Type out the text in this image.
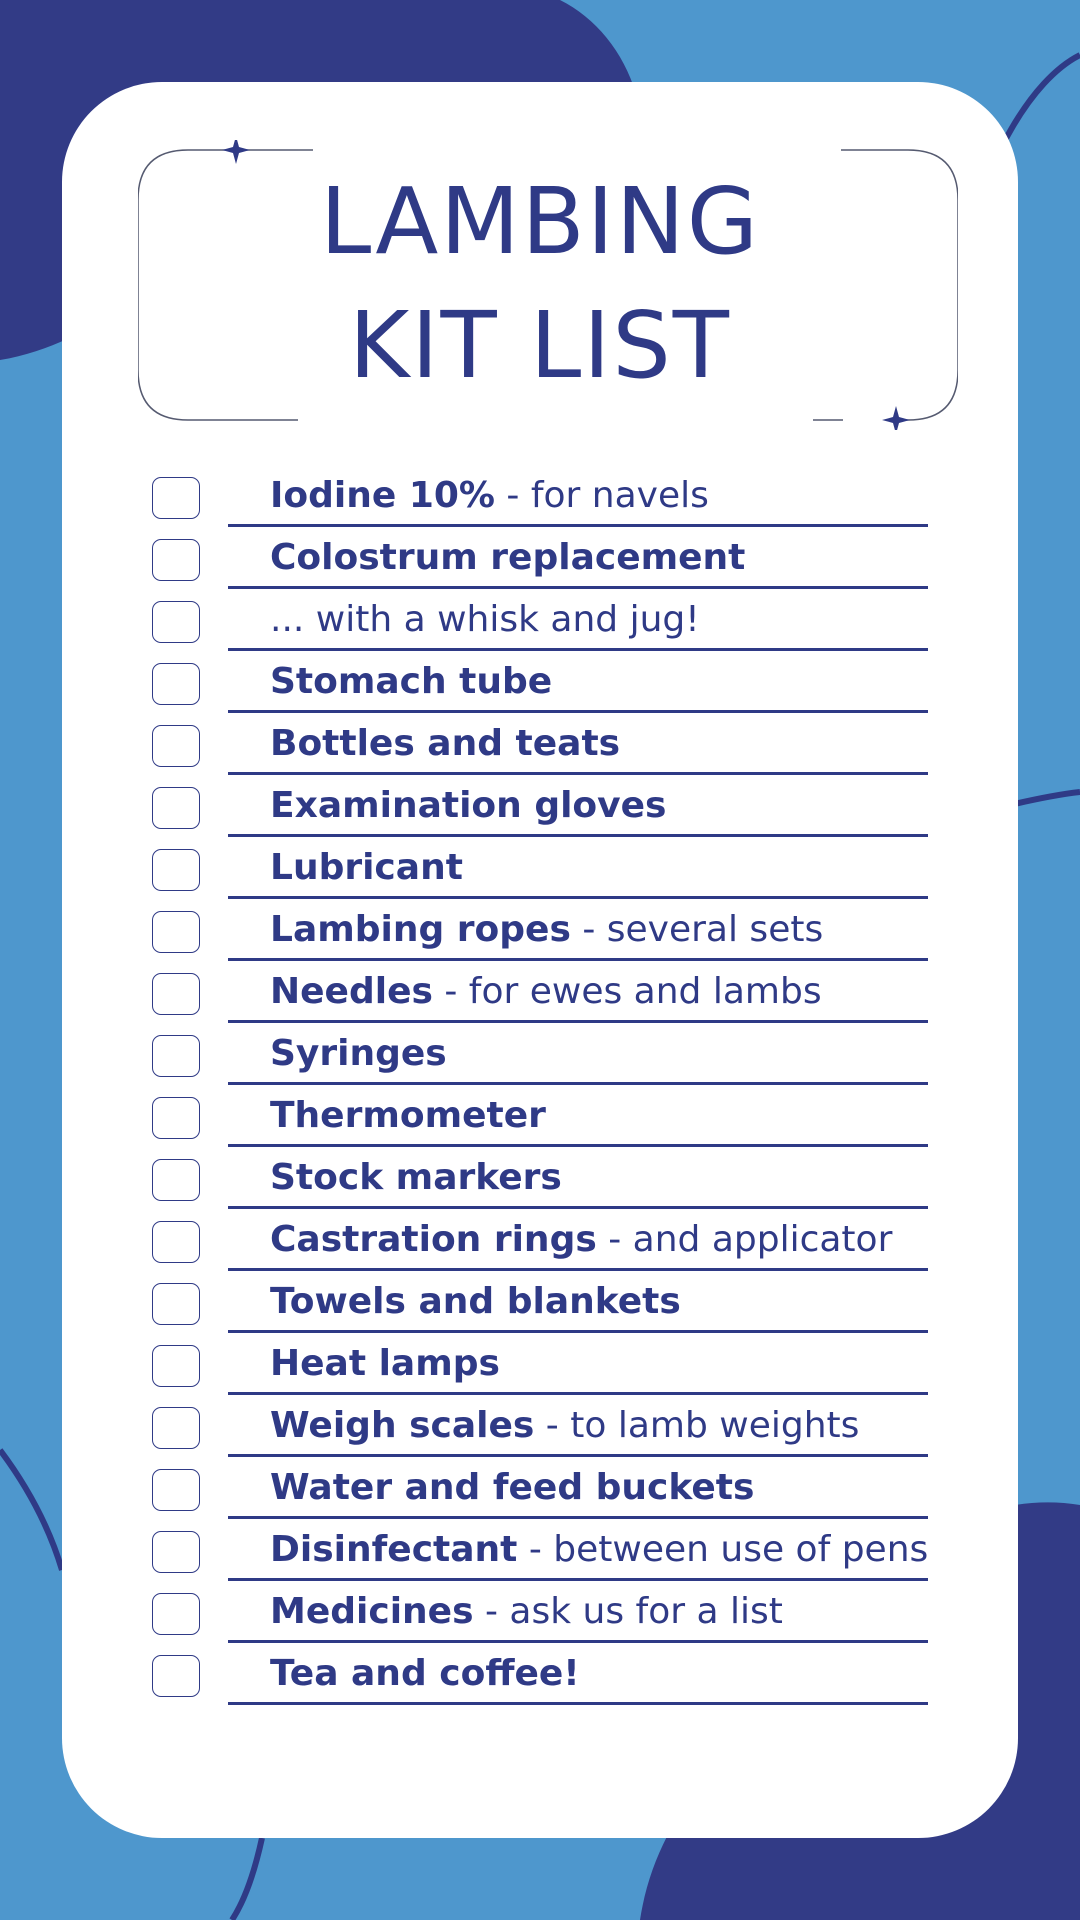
LAMBING
KIT LIST
Iodine 10% - for navels
Colostrum replacement
... with a whisk and jug!
Stomach tube
Bottles and teats
Examination gloves
Lubricant
Lambing ropes - several sets
Needles - for ewes and lambs
Syringes
Thermometer
Stock markers
Castration rings - and applicator
Towels and blankets
Heat lamps
Weigh scales - to lamb weights
Water and feed buckets
Disinfectant - between use of pens
Medicines - ask us for a list
Tea and coffee!
